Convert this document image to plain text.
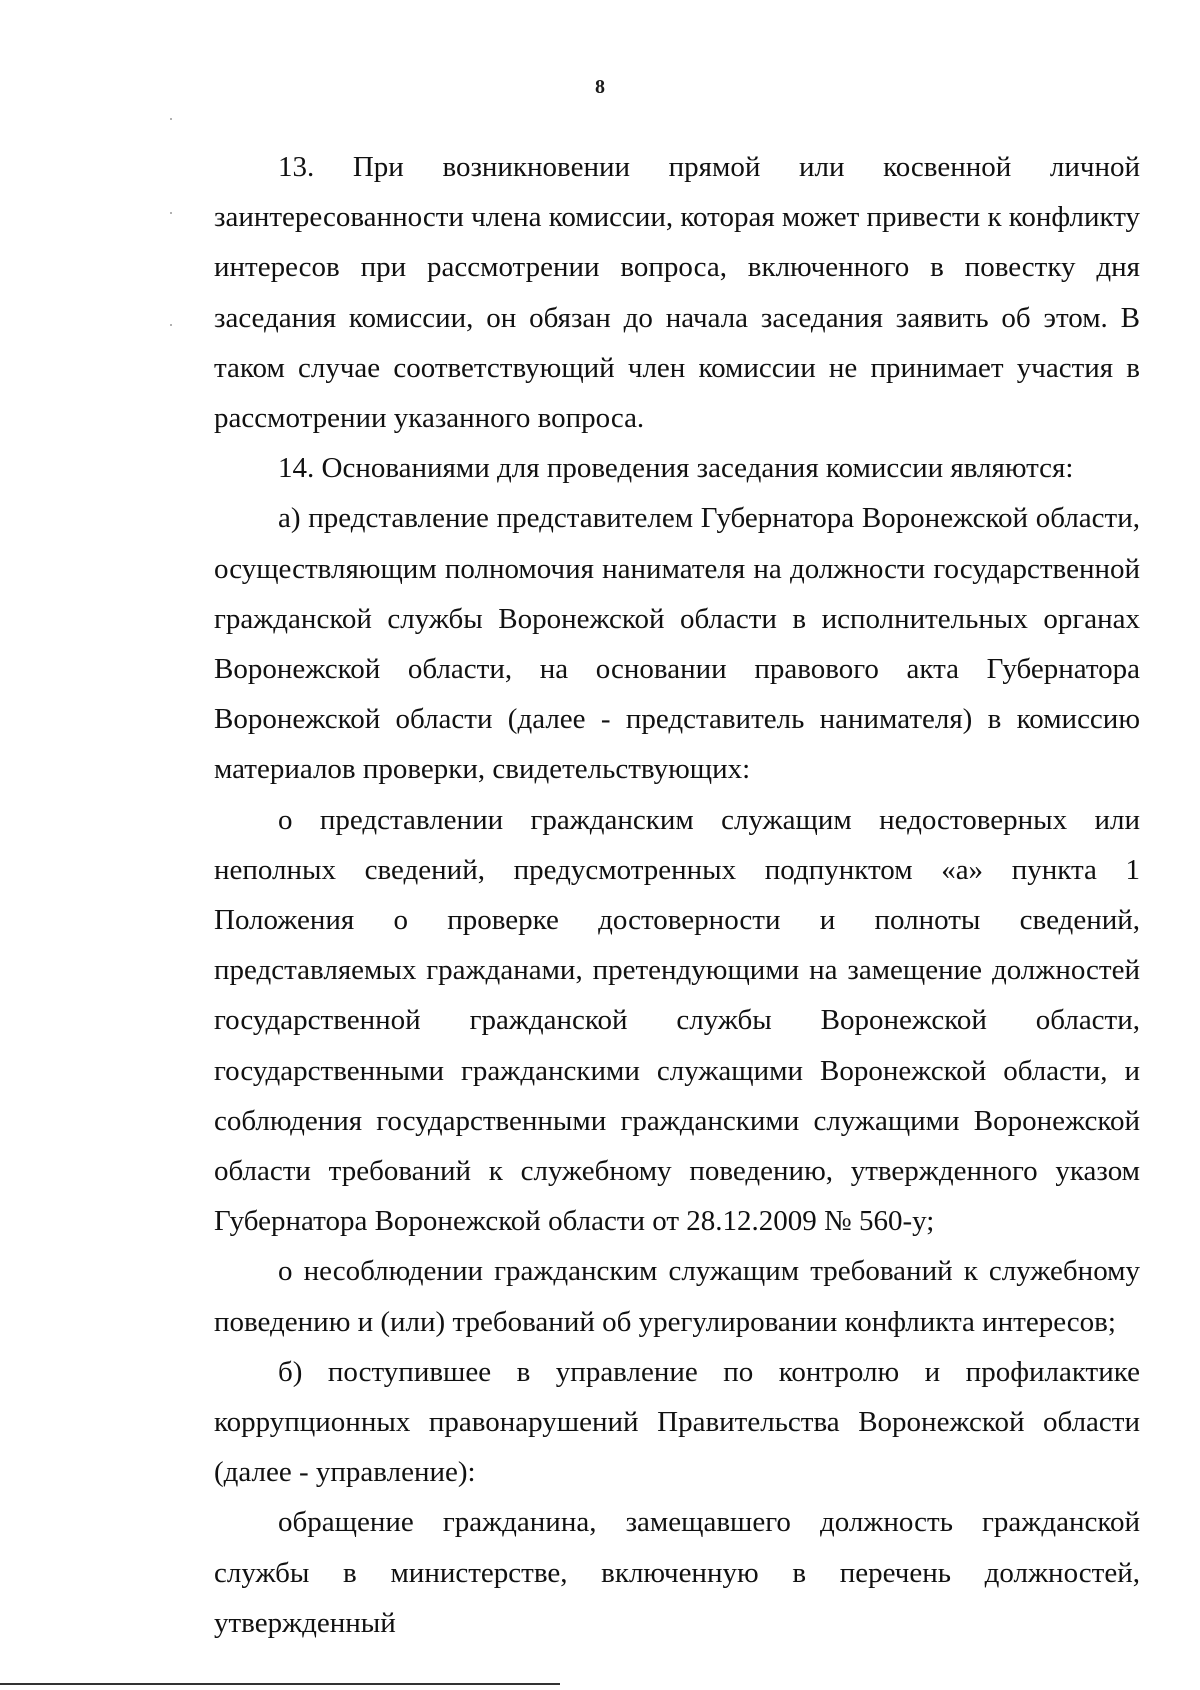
8

13. При возникновении прямой или косвенной личной заинтересованности члена комиссии, которая может привести к конфликту интересов при рассмотрении вопроса, включенного в повестку дня заседания комиссии, он обязан до начала заседания заявить об этом. В таком случае соответствующий член комиссии не принимает участия в рассмотрении указанного вопроса.

14. Основаниями для проведения заседания комиссии являются:

а) представление представителем Губернатора Воронежской области, осуществляющим полномочия нанимателя на должности государственной гражданской службы Воронежской области в исполнительных органах Воронежской области, на основании правового акта Губернатора Воронежской области (далее - представитель нанимателя) в комиссию материалов проверки, свидетельствующих:

о представлении гражданским служащим недостоверных или неполных сведений, предусмотренных подпунктом «а» пункта 1 Положения о проверке достоверности и полноты сведений, представляемых гражданами, претендующими на замещение должностей государственной гражданской службы Воронежской области, государственными гражданскими служащими Воронежской области, и соблюдения государственными гражданскими служащими Воронежской области требований к служебному поведению, утвержденного указом Губернатора Воронежской области от 28.12.2009 № 560-у;

о несоблюдении гражданским служащим требований к служебному поведению и (или) требований об урегулировании конфликта интересов;

б) поступившее в управление по контролю и профилактике коррупционных правонарушений Правительства Воронежской области (далее - управление):

обращение гражданина, замещавшего должность гражданской службы в министерстве, включенную в перечень должностей, утвержденный
